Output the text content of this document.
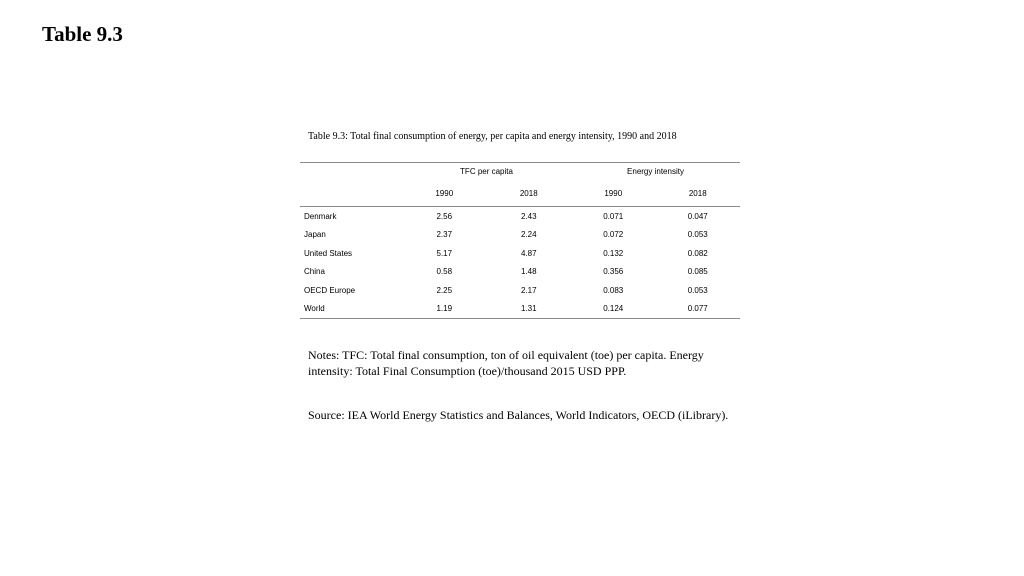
Table 9.3

Table 9.3: Total final consumption of energy, per capita and energy intensity, 1990 and 2018

	TFC per capita		Energy intensity	
	1990	2018	1990	2018
Denmark	2.56	2.43	0.071	0.047
Japan	2.37	2.24	0.072	0.053
United States	5.17	4.87	0.132	0.082
China	0.58	1.48	0.356	0.085
OECD Europe	2.25	2.17	0.083	0.053
World	1.19	1.31	0.124	0.077

Notes: TFC: Total final consumption, ton of oil equivalent (toe) per capita. Energy intensity: Total Final Consumption (toe)/thousand 2015 USD PPP.

Source: IEA World Energy Statistics and Balances, World Indicators, OECD (iLibrary).
